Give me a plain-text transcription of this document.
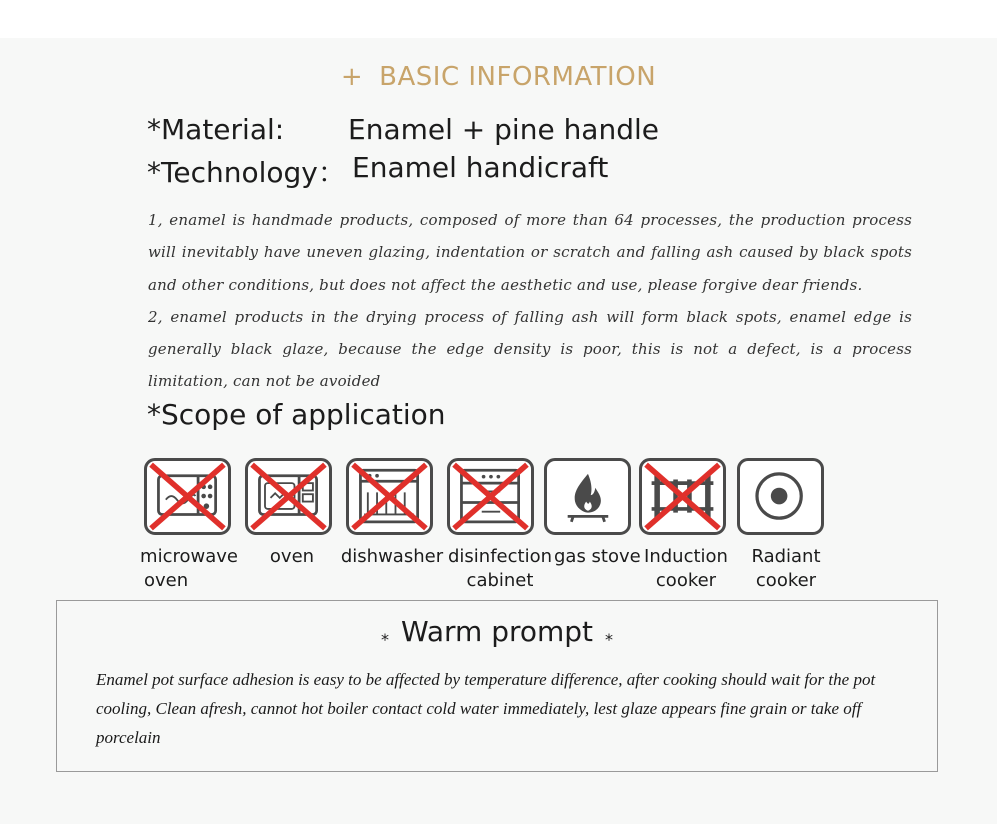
+ BASIC INFORMATION
*Material: Enamel + pine handle
*Technology： Enamel handicraft

1, enamel is handmade products, composed of more than 64 processes, the production process will inevitably have uneven glazing, indentation or scratch and falling ash caused by black spots and other conditions, but does not affect the aesthetic and use, please forgive dear friends.

2, enamel products in the drying process of falling ash will form black spots, enamel edge is generally black glaze, because the edge density is poor, this is not a defect, is a process limitation, can not be avoided

*Scope of application
microwave
oven
oven	dishwasher disinfection
cabinet
gas stove Induction
cooker
Radiant
cooker
* Warm prompt *
Enamel pot surface adhesion is easy to be affected by temperature difference, after cooking should wait for the pot cooling, Clean afresh, cannot hot boiler contact cold water immediately, lest glaze appears fine grain or take off porcelain
